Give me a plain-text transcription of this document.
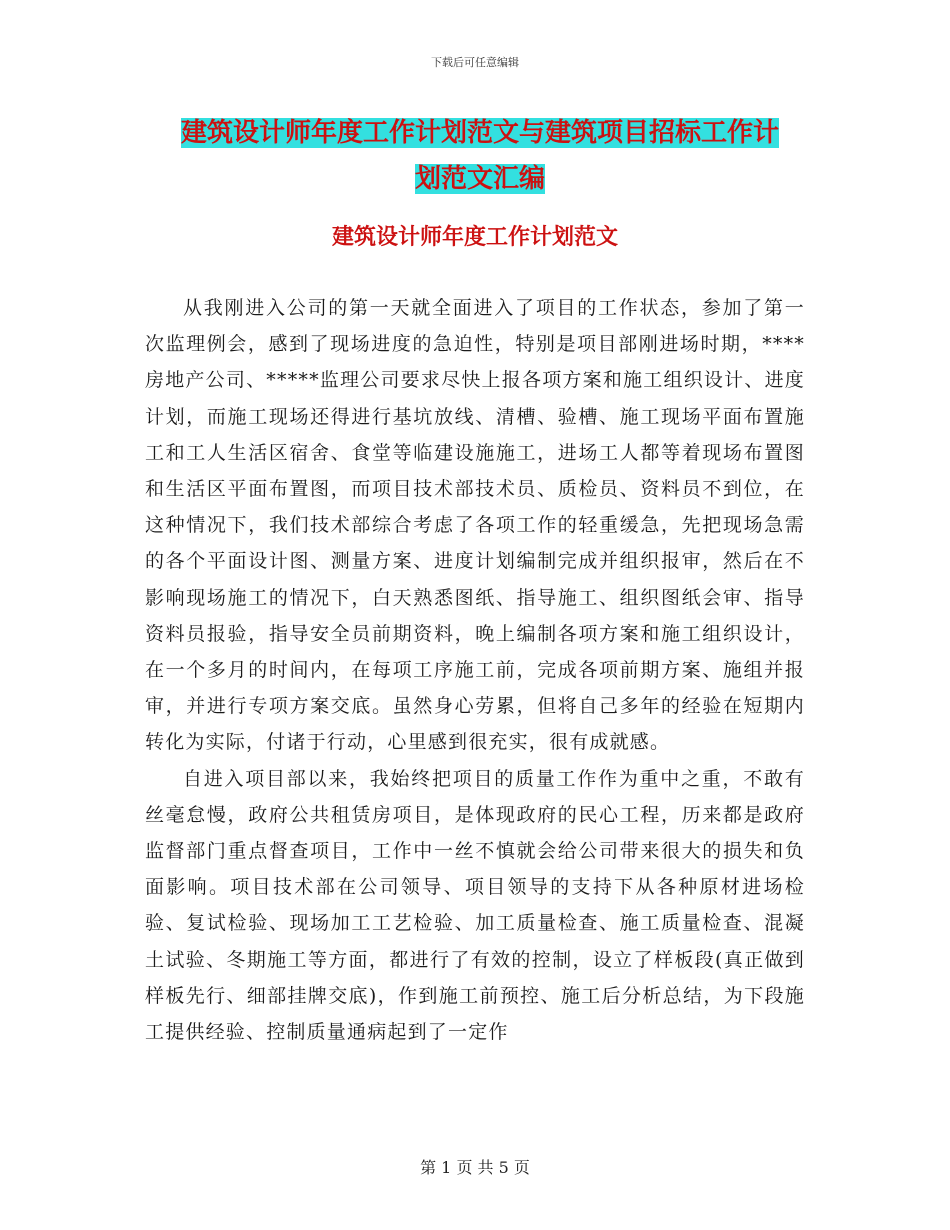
下载后可任意编辑
建筑设计师年度工作计划范文与建筑项目招标工作计
划范文汇编
建筑设计师年度工作计划范文

从我刚进入公司的第一天就全面进入了项目的工作状态，参加了第一次监理例会，感到了现场进度的急迫性，特别是项目部刚进场时期，****房地产公司、*****监理公司要求尽快上报各项方案和施工组织设计、进度计划，而施工现场还得进行基坑放线、清槽、验槽、施工现场平面布置施工和工人生活区宿舍、食堂等临建设施施工，进场工人都等着现场布置图和生活区平面布置图，而项目技术部技术员、质检员、资料员不到位，在这种情况下，我们技术部综合考虑了各项工作的轻重缓急，先把现场急需的各个平面设计图、测量方案、进度计划编制完成并组织报审，然后在不影响现场施工的情况下，白天熟悉图纸、指导施工、组织图纸会审、指导资料员报验，指导安全员前期资料，晚上编制各项方案和施工组织设计，在一个多月的时间内，在每项工序施工前，完成各项前期方案、施组并报审，并进行专项方案交底。虽然身心劳累，但将自己多年的经验在短期内转化为实际，付诸于行动，心里感到很充实，很有成就感。

自进入项目部以来，我始终把项目的质量工作作为重中之重，不敢有丝毫怠慢，政府公共租赁房项目，是体现政府的民心工程，历来都是政府监督部门重点督查项目，工作中一丝不慎就会给公司带来很大的损失和负面影响。项目技术部在公司领导、项目领导的支持下从各种原材进场检验、复试检验、现场加工工艺检验、加工质量检查、施工质量检查、混凝土试验、冬期施工等方面，都进行了有效的控制，设立了样板段(真正做到样板先行、细部挂牌交底)，作到施工前预控、施工后分析总结，为下段施工提供经验、控制质量通病起到了一定作

第 1 页 共 5 页
